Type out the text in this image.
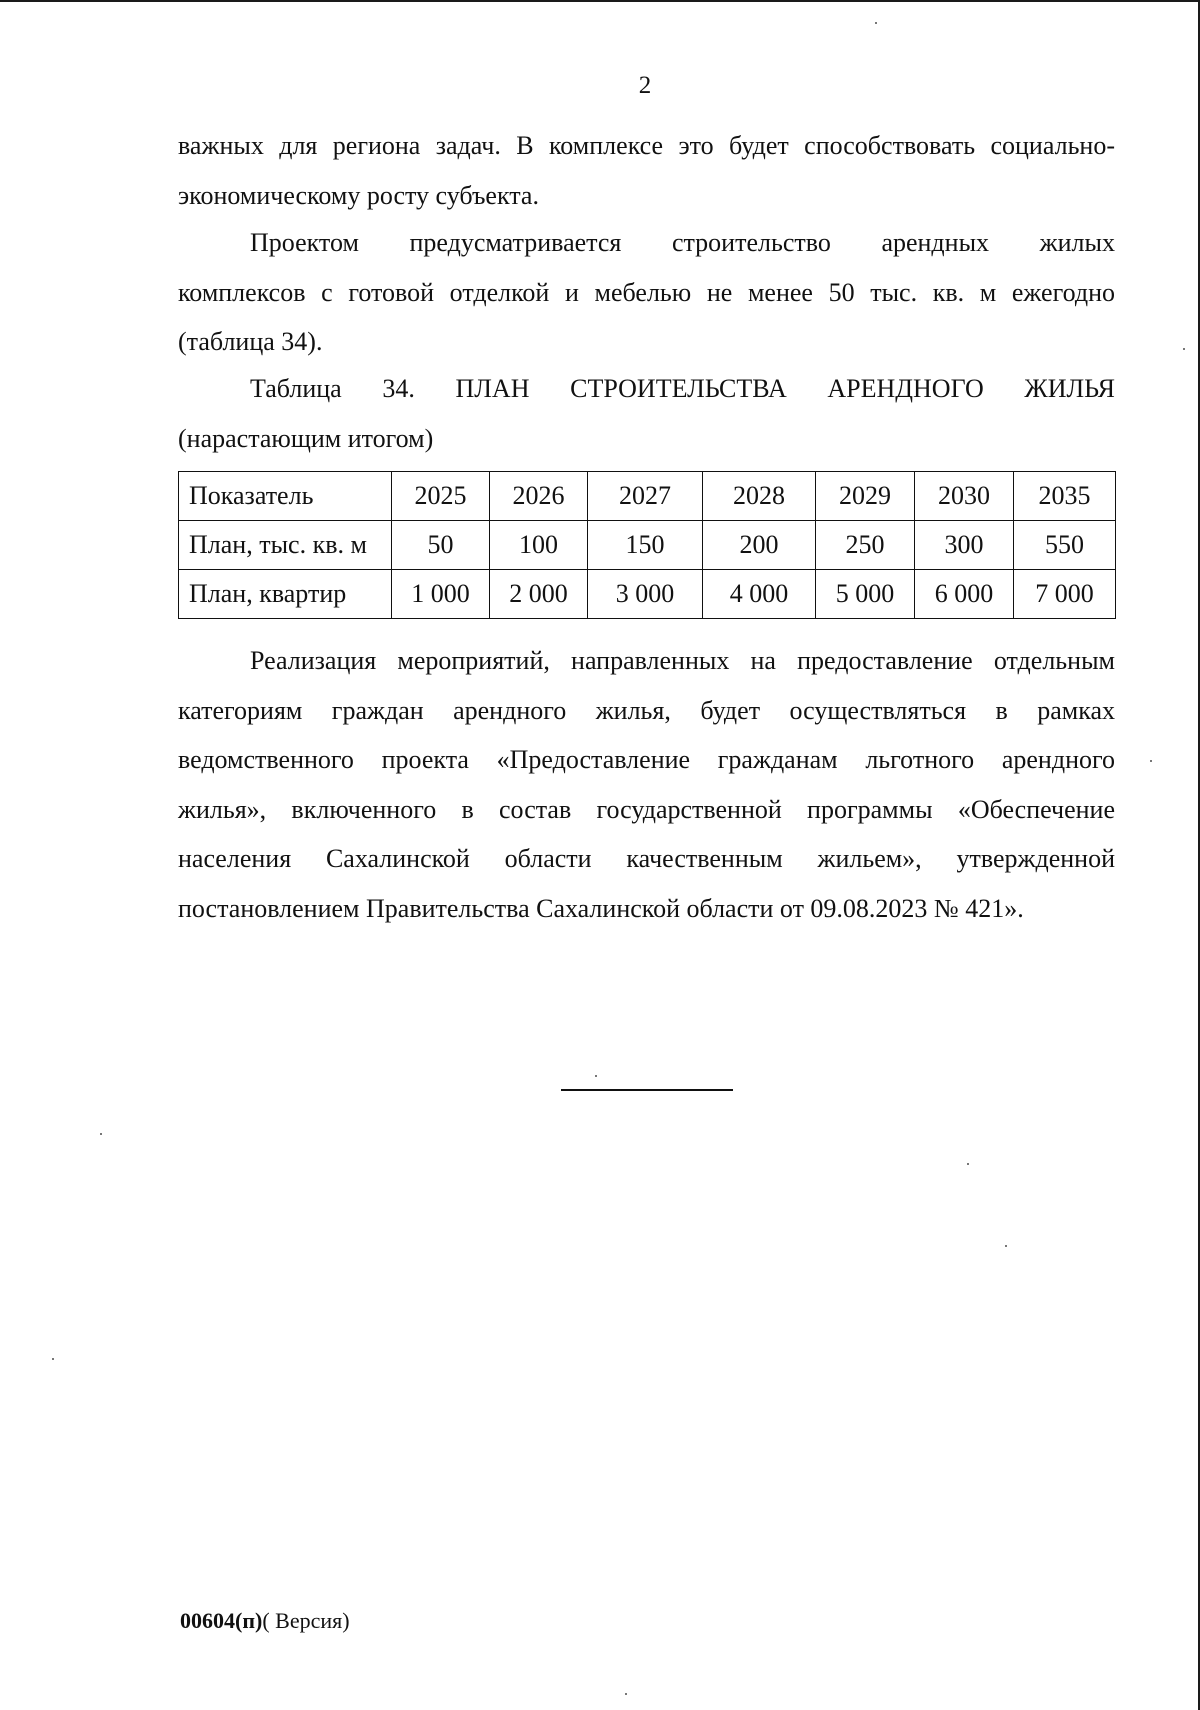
2
важных для региона задач. В комплексе это будет способствовать социально-
экономическому росту субъекта.
Проектом предусматривается строительство арендных жилых
комплексов с готовой отделкой и мебелью не менее 50 тыс. кв. м ежегодно
(таблица 34).
Таблица 34. ПЛАН СТРОИТЕЛЬСТВА АРЕНДНОГО ЖИЛЬЯ
(нарастающим итогом)
Показатель	2025	2026	2027	2028	2029	2030	2035
План, тыс. кв. м	50	100	150	200	250	300	550
План, квартир	1 000	2 000	3 000	4 000	5 000	6 000	7 000
Реализация мероприятий, направленных на предоставление отдельным
категориям граждан арендного жилья, будет осуществляться в рамках
ведомственного проекта «Предоставление гражданам льготного арендного
жилья», включенного в состав государственной программы «Обеспечение
населения Сахалинской области качественным жильем», утвержденной
постановлением Правительства Сахалинской области от 09.08.2023 № 421».
00604(п)( Версия)
